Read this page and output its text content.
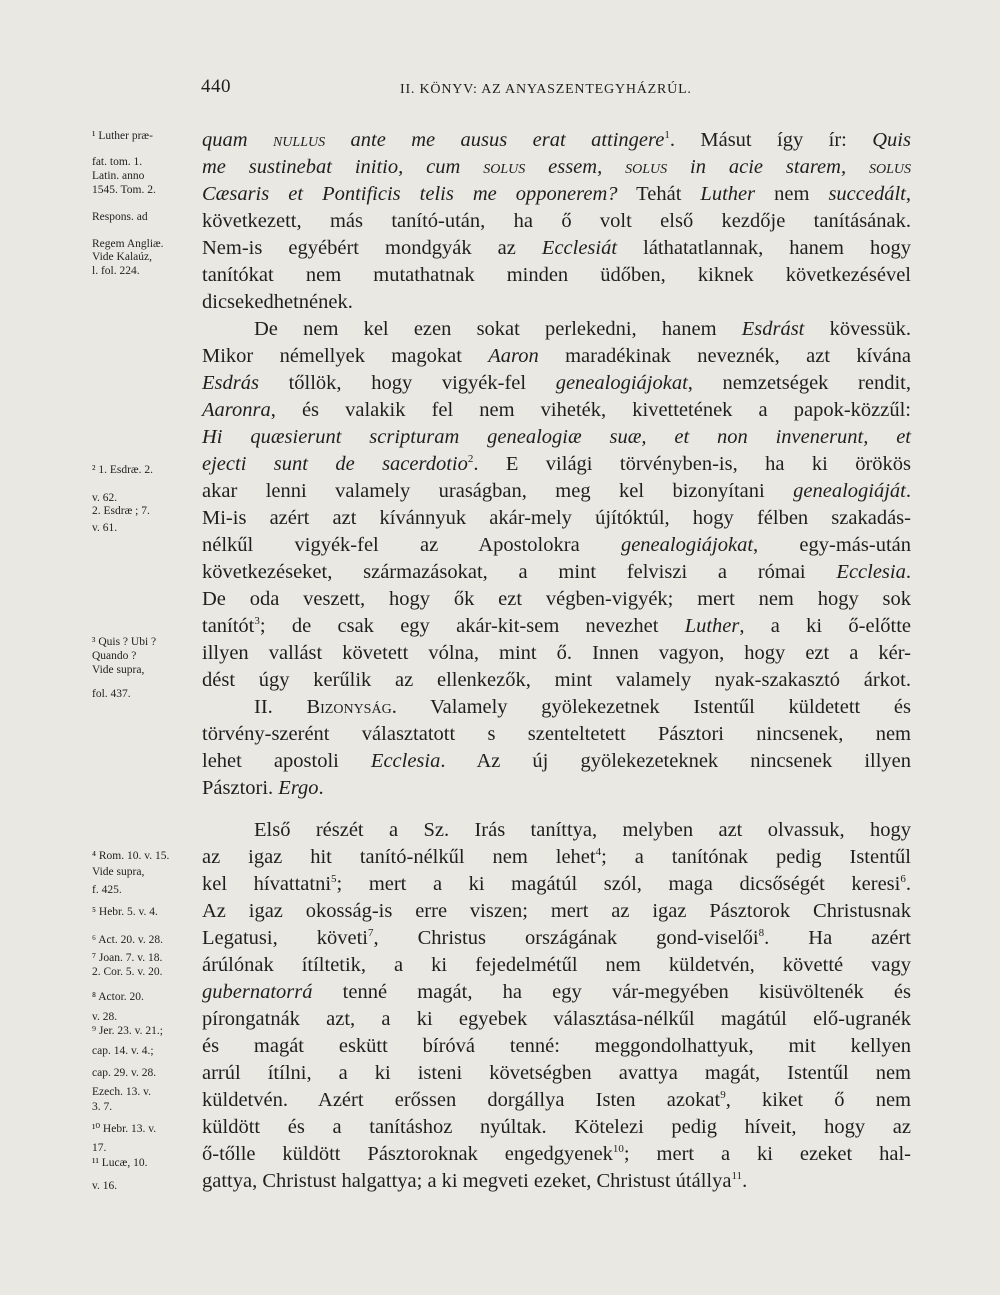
440	II. KÖNYV: AZ ANYASZENTEGYHÁZRÚL.
¹ Luther præ-
fat. tom. 1.
Latin. anno
1545. Tom. 2.
Respons. ad
Regem Angliæ.
Vide Kalaúz,
l. fol. 224.
² 1. Esdræ. 2.
v. 62.
2. Esdræ ; 7.
v. 61.
³ Quis ? Ubi ?
Quando ?
Vide supra,
fol. 437.
⁴ Rom. 10. v. 15.
Vide supra,
f. 425.
⁵ Hebr. 5. v. 4.
⁶ Act. 20. v. 28.
⁷ Joan. 7. v. 18.
2. Cor. 5. v. 20.
⁸ Actor. 20.
v. 28.
⁹ Jer. 23. v. 21.;
cap. 14. v. 4.;
cap. 29. v. 28.
Ezech. 13. v.
3. 7.
¹⁰ Hebr. 13. v.
17.
¹¹ Lucæ, 10.
v. 16.
quam nullus ante me ausus erat attingere$^1$. Másut így ír: Quis
me sustinebat initio, cum solus essem, solus in acie starem, solus
Cæsaris et Pontificis telis me opponerem? Tehát Luther nem succedált,
következett, más tanító-után, ha ő volt első kezdője tanításának.
Nem-is egyébért mondgyák az Ecclesiát láthatatlannak, hanem hogy
tanítókat nem mutathatnak minden üdőben, kiknek következésével
dicsekedhetnének.
De nem kel ezen sokat perlekedni, hanem Esdrást kövessük.
Mikor némellyek magokat Aaron maradékinak neveznék, azt kívána
Esdrás tőllök, hogy vigyék-fel genealogiájokat, nemzetségek rendit,
Aaronra, és valakik fel nem viheték, kivettetének a papok-közzűl:
Hi quæsierunt scripturam genealogiæ suæ, et non invenerunt, et
ejecti sunt de sacerdotio$^2$. E világi törvényben-is, ha ki örökös
akar lenni valamely uraságban, meg kel bizonyítani genealogiáját.
Mi-is azért azt kívánnyuk akár-mely újítóktúl, hogy félben szakadás-
nélkűl vigyék-fel az Apostolokra genealogiájokat, egy-más-után
következéseket, származásokat, a mint felviszi a római Ecclesia.
De oda veszett, hogy ők ezt végben-vigyék; mert nem hogy sok
tanítót$^3$; de csak egy akár-kit-sem nevezhet Luther, a ki ő-előtte
illyen vallást követett vólna, mint ő. Innen vagyon, hogy ezt a kér-
dést úgy kerűlik az ellenkezők, mint valamely nyak-szakasztó árkot.
II. Bizonyság. Valamely gyölekezetnek Istentűl küldetett és
törvény-szerént választatott s szenteltetett Pásztori nincsenek, nem
lehet apostoli Ecclesia. Az új gyölekezeteknek nincsenek illyen
Pásztori. Ergo.
Első részét a Sz. Irás taníttya, melyben azt olvassuk, hogy
az igaz hit tanító-nélkűl nem lehet$^4$; a tanítónak pedig Istentűl
kel hívattatni$^5$; mert a ki magátúl szól, maga dicsőségét keresi$^6$.
Az igaz okosság-is erre viszen; mert az igaz Pásztorok Christusnak
Legatusi, követi$^7$, Christus országának gond-viselői$^8$. Ha azért
árúlónak ítíltetik, a ki fejedelmétűl nem küldetvén, követté vagy
gubernatorrá tenné magát, ha egy vár-megyében kisüvöltenék és
pírongatnák azt, a ki egyebek választása-nélkűl magátúl elő-ugranék
és magát eskütt bíróvá tenné: meggondolhattyuk, mit kellyen
arrúl ítílni, a ki isteni követségben avattya magát, Istentűl nem
küldetvén. Azért erőssen dorgállya Isten azokat$^9$, kiket ő nem
küldött és a tanításhoz nyúltak. Kötelezi pedig híveit, hogy az
ő-tőlle küldött Pásztoroknak engedgyenek$^{10}$; mert a ki ezeket hal-
gattya, Christust halgattya; a ki megveti ezeket, Christust útállya$^{11}$.
